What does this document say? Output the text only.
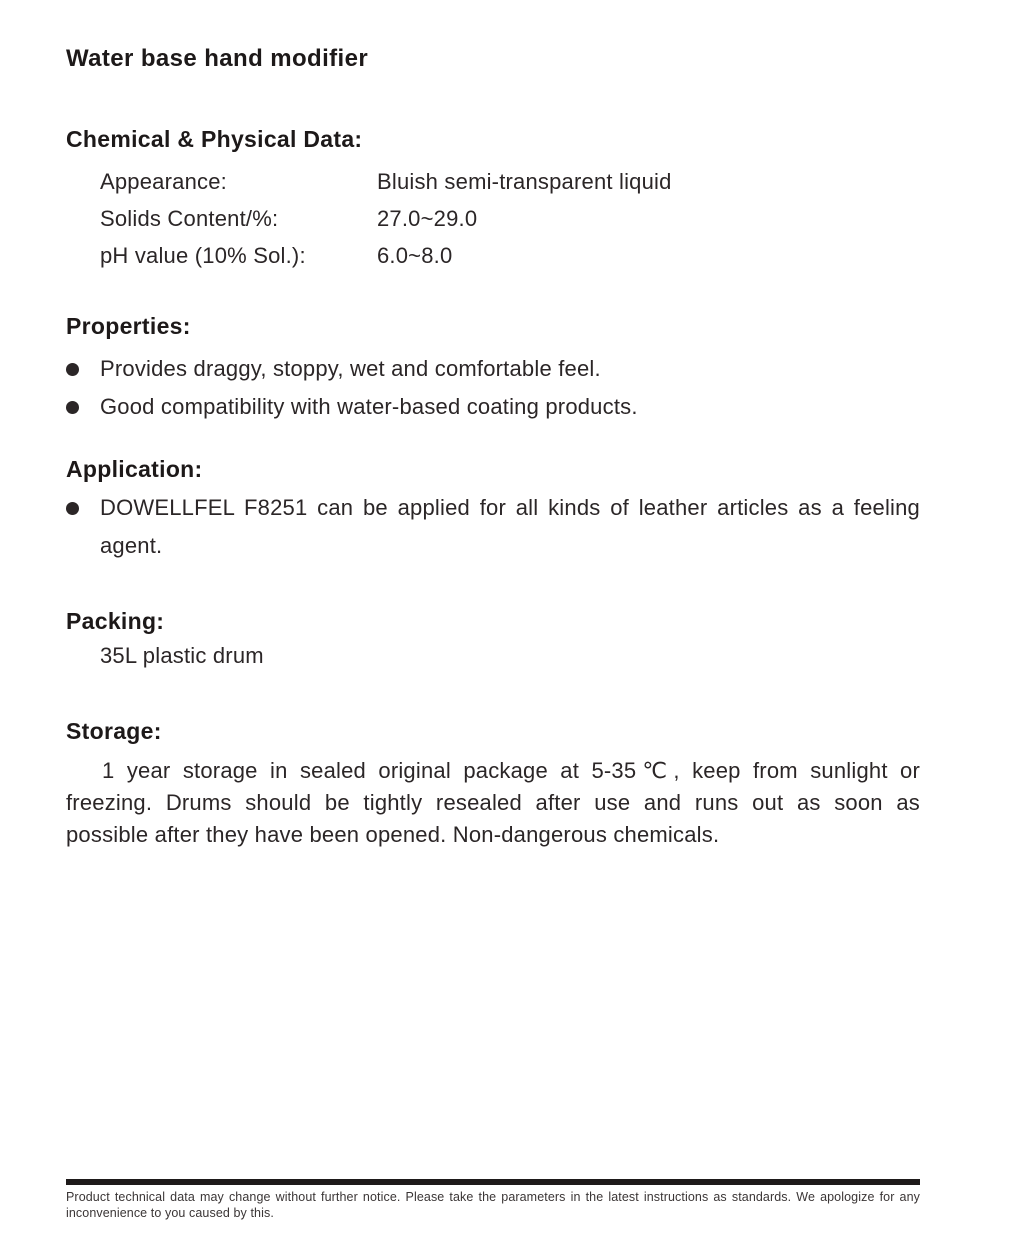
Water base hand modifier
Chemical & Physical Data:
Appearance:	Bluish semi-transparent liquid
Solids Content/%:	27.0~29.0
pH value (10% Sol.):	6.0~8.0
Properties:
Provides draggy, stoppy, wet and comfortable feel.
Good compatibility with water-based coating products.
Application:
DOWELLFEL F8251 can be applied for all kinds of leather articles as a feeling
agent.
Packing:
35L plastic drum
Storage:
1 year storage in sealed original package at 5-35℃, keep from sunlight or
freezing. Drums should be tightly resealed after use and runs out as soon as
possible after they have been opened. Non-dangerous chemicals.
Product technical data may change without further notice. Please take the parameters in the latest instructions as standards. We apologize for any
inconvenience to you caused by this.
